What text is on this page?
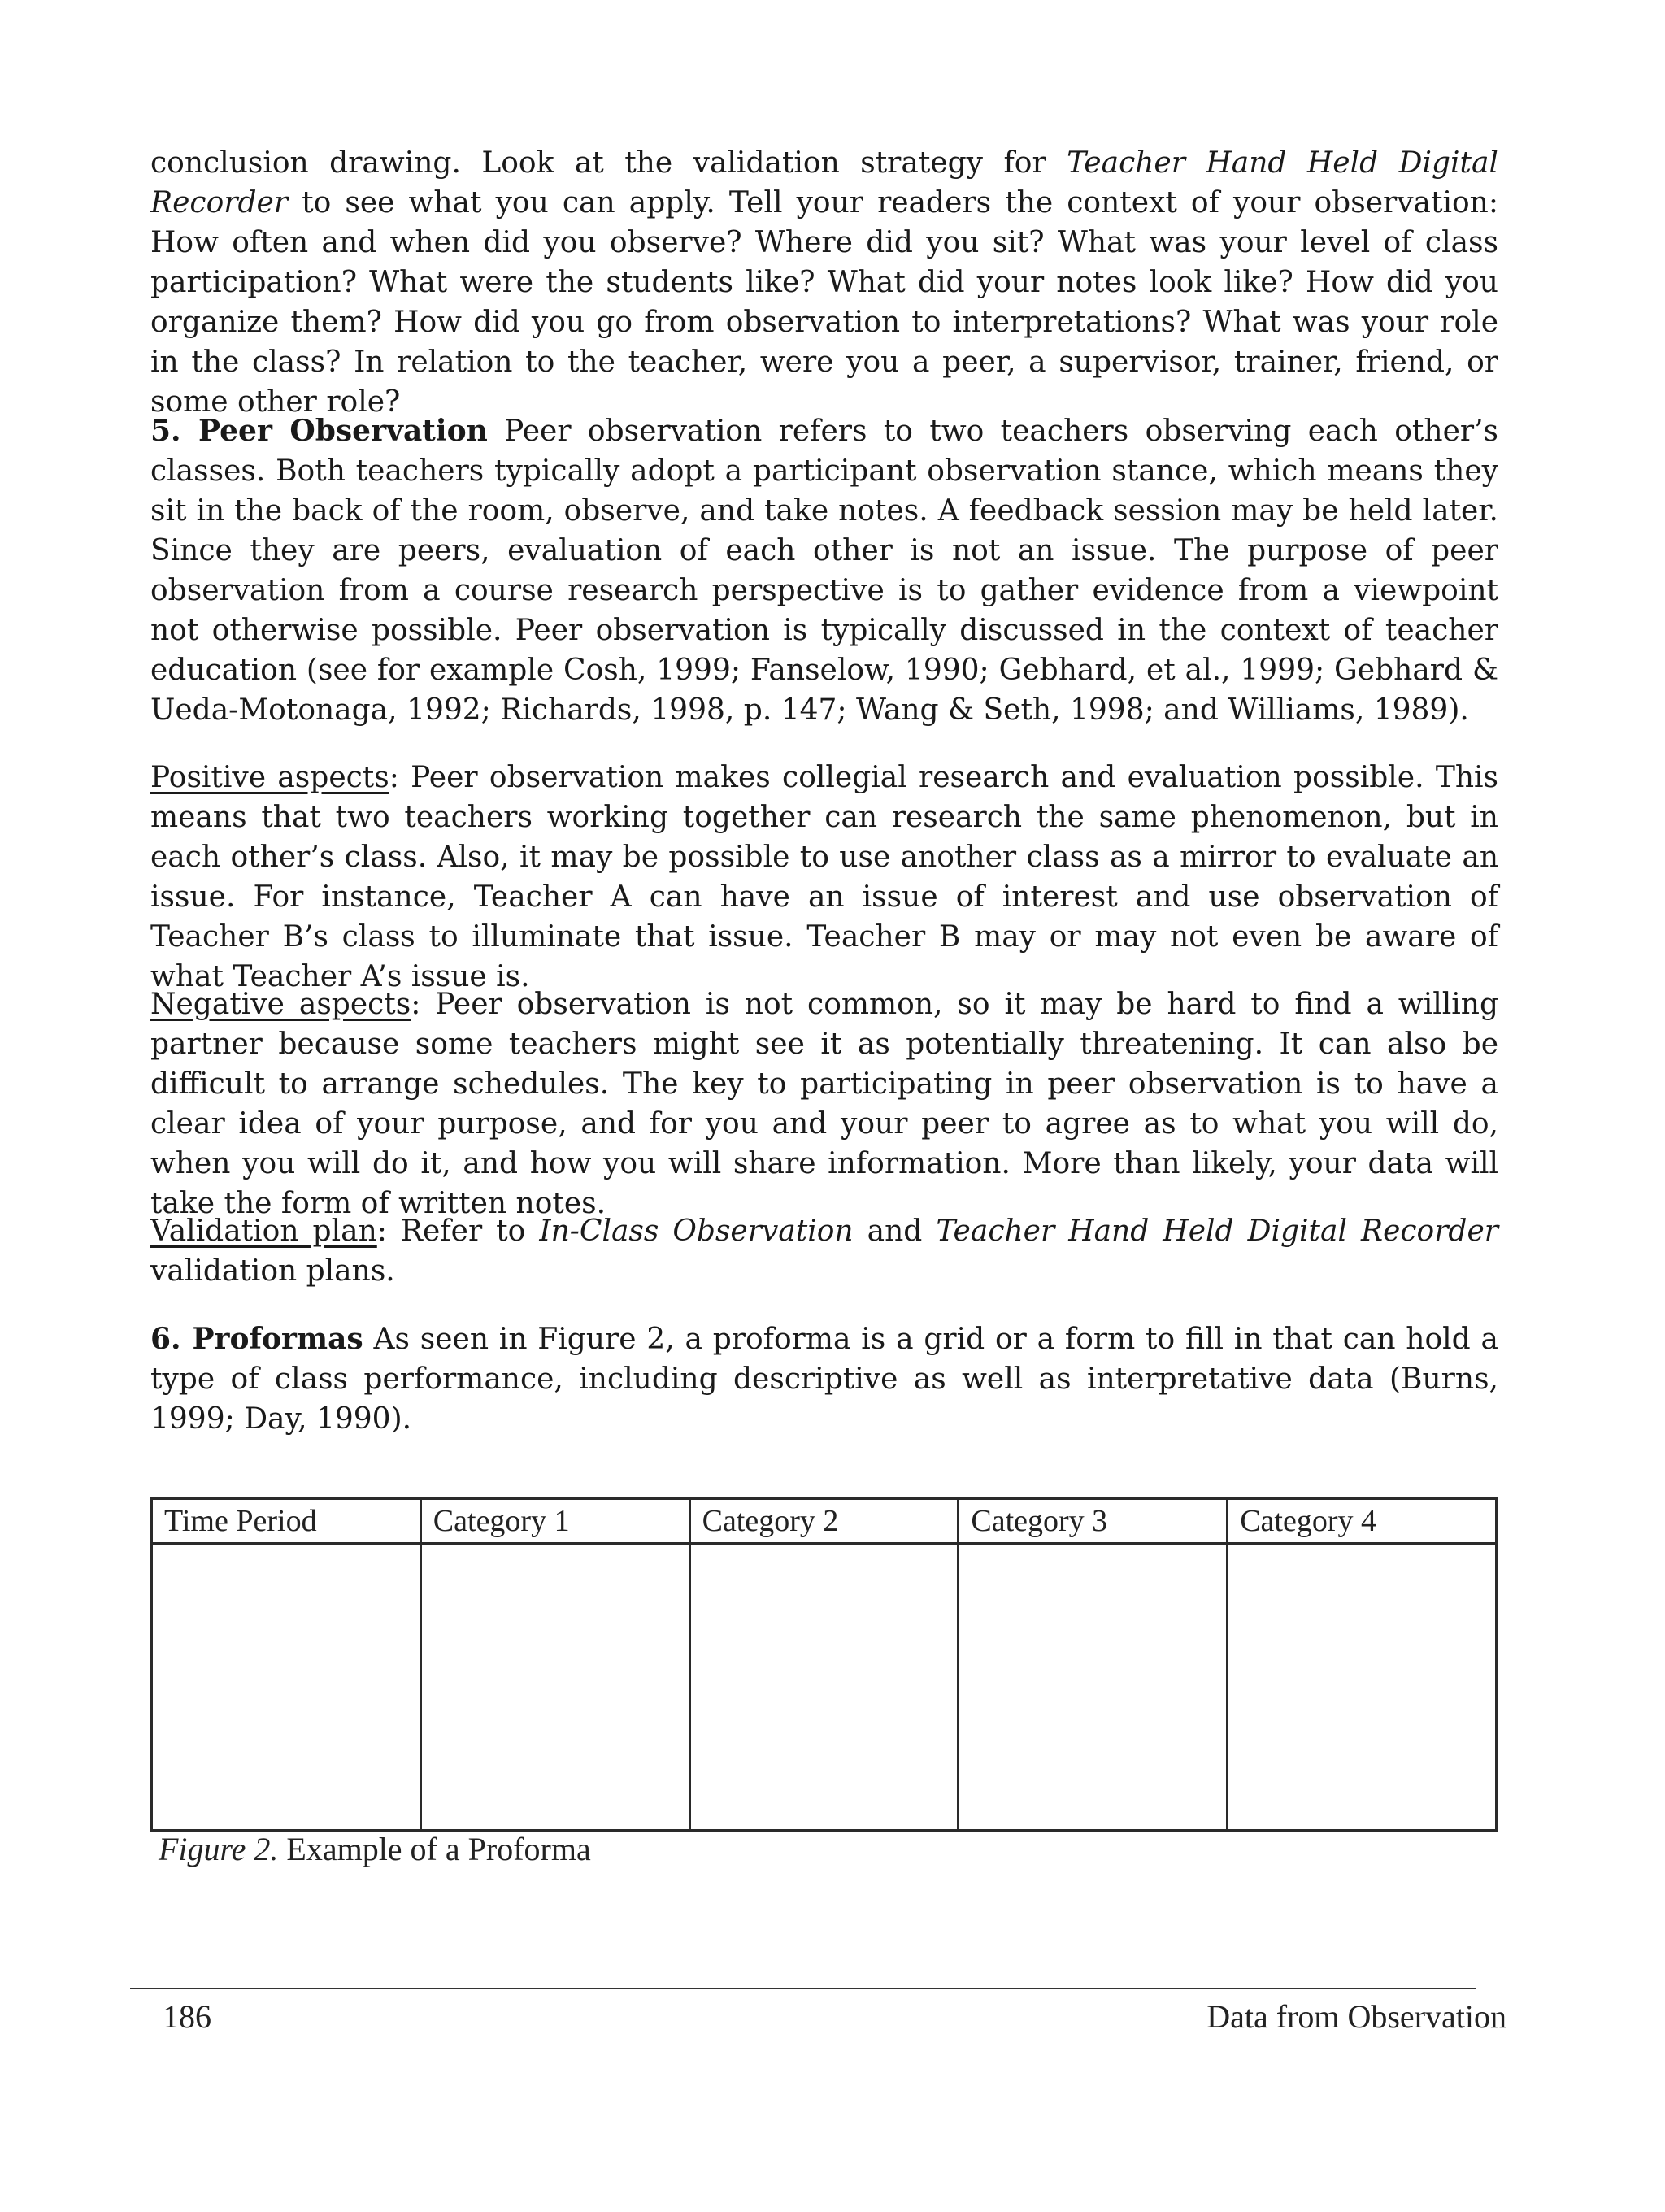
conclusion drawing. Look at the validation strategy for Teacher Hand Held Digital Recorder to see what you can apply. Tell your readers the context of your observation: How often and when did you observe? Where did you sit? What was your level of class participation? What were the students like? What did your notes look like? How did you organize them? How did you go from observation to interpretations? What was your role in the class? In relation to the teacher, were you a peer, a supervisor, trainer, friend, or some other role?

5. Peer Observation Peer observation refers to two teachers observing each other’s classes. Both teachers typically adopt a participant observation stance, which means they sit in the back of the room, observe, and take notes. A feedback session may be held later. Since they are peers, evaluation of each other is not an issue. The purpose of peer observation from a course research perspective is to gather evidence from a viewpoint not otherwise possible. Peer observation is typically discussed in the context of teacher education (see for example Cosh, 1999; Fanselow, 1990; Gebhard, et al., 1999; Gebhard & Ueda-Motonaga, 1992; Richards, 1998, p. 147; Wang & Seth, 1998; and Williams, 1989).

Positive aspects: Peer observation makes collegial research and evaluation possible. This means that two teachers working together can research the same phenomenon, but in each other’s class. Also, it may be possible to use another class as a mirror to evaluate an issue. For instance, Teacher A can have an issue of interest and use observation of Teacher B’s class to illuminate that issue. Teacher B may or may not even be aware of what Teacher A’s issue is.

Negative aspects: Peer observation is not common, so it may be hard to find a willing partner because some teachers might see it as potentially threatening. It can also be difficult to arrange schedules. The key to participating in peer observation is to have a clear idea of your purpose, and for you and your peer to agree as to what you will do, when you will do it, and how you will share information. More than likely, your data will take the form of written notes.

Validation plan: Refer to In-Class Observation and Teacher Hand Held Digital Recorder validation plans.

6. Proformas As seen in Figure 2, a proforma is a grid or a form to fill in that can hold a type of class performance, including descriptive as well as interpretative data (Burns, 1999; Day, 1990).

Time Period	Category 1	Category 2	Category 3	Category 4

Figure 2. Example of a Proforma
186	Data from Observation
